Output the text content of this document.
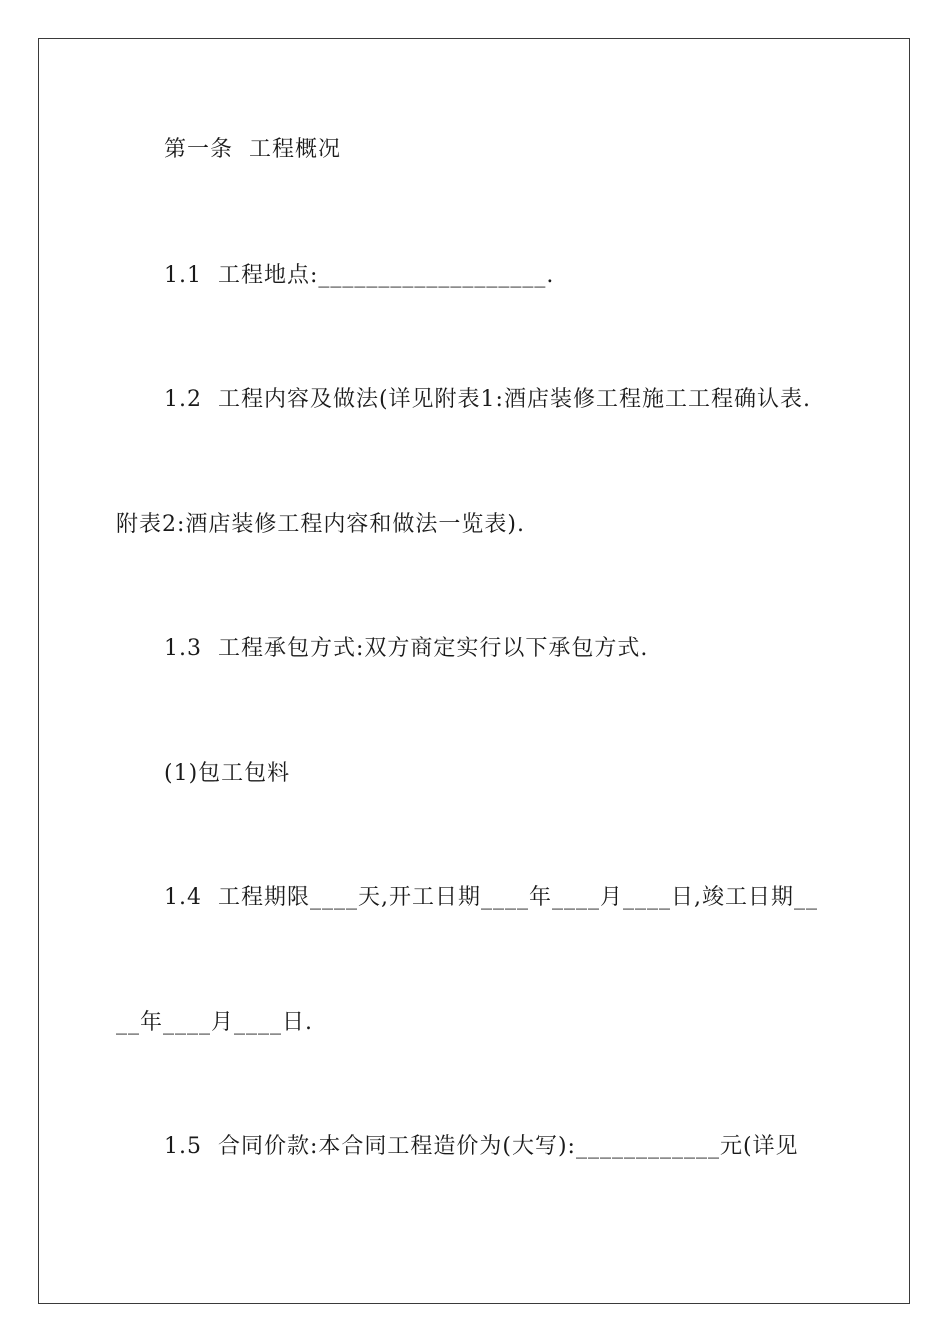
第一条  工程概况
1.1  工程地点:___________________.
1.2  工程内容及做法(详见附表1:酒店装修工程施工工程确认表.
附表2:酒店装修工程内容和做法一览表).
1.3  工程承包方式:双方商定实行以下承包方式.
(1)包工包料
1.4  工程期限____天,开工日期____年____月____日,竣工日期__
__年____月____日.
1.5  合同价款:本合同工程造价为(大写):____________元(详见
